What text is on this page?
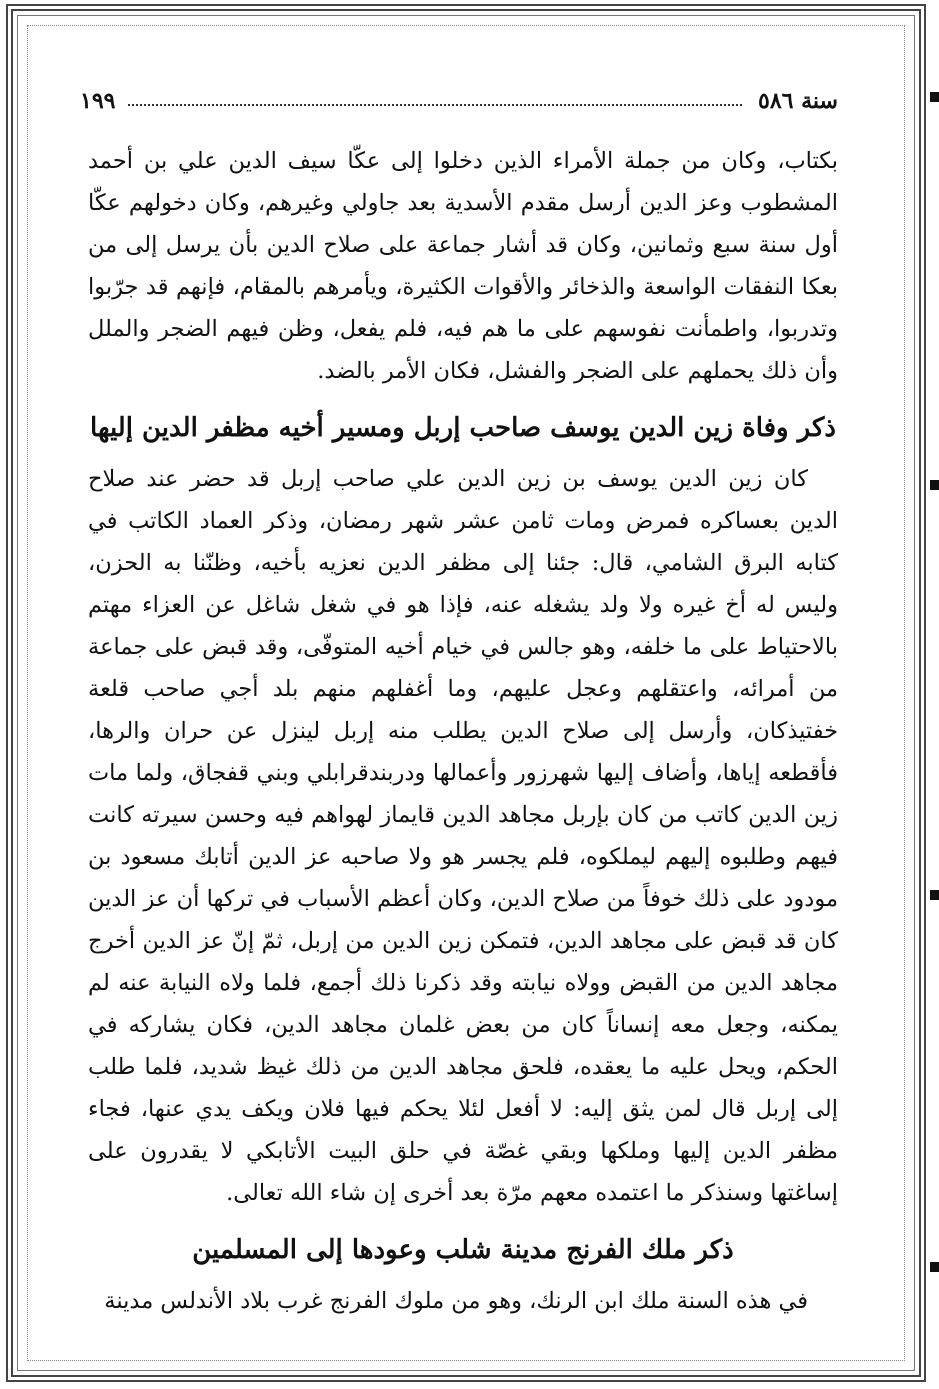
١٩٩	سنة ٥٨٦

بكتاب، وكان من جملة الأمراء الذين دخلوا إلى عكّا سيف الدين علي بن أحمد المشطوب وعز الدين أرسل مقدم الأسدية بعد جاولي وغيرهم، وكان دخولهم عكّا أول سنة سبع وثمانين، وكان قد أشار جماعة على صلاح الدين بأن يرسل إلى من بعكا النفقات الواسعة والذخائر والأقوات الكثيرة، ويأمرهم بالمقام، فإنهم قد جرّبوا وتدربوا، واطمأنت نفوسهم على ما هم فيه، فلم يفعل، وظن فيهم الضجر والملل وأن ذلك يحملهم على الضجر والفشل، فكان الأمر بالضد.

ذكر وفاة زين الدين يوسف صاحب إربل ومسير أخيه مظفر الدين إليها

كان زين الدين يوسف بن زين الدين علي صاحب إربل قد حضر عند صلاح الدين بعساكره فمرض ومات ثامن عشر شهر رمضان، وذكر العماد الكاتب في كتابه البرق الشامي، قال: جئنا إلى مظفر الدين نعزيه بأخيه، وظنّنا به الحزن، وليس له أخ غيره ولا ولد يشغله عنه، فإذا هو في شغل شاغل عن العزاء مهتم بالاحتياط على ما خلفه، وهو جالس في خيام أخيه المتوفّى، وقد قبض على جماعة من أمرائه، واعتقلهم وعجل عليهم، وما أغفلهم منهم بلد أجي صاحب قلعة خفتيذكان، وأرسل إلى صلاح الدين يطلب منه إربل لينزل عن حران والرها، فأقطعه إياها، وأضاف إليها شهرزور وأعمالها ودربندقرابلي وبني قفجاق، ولما مات زين الدين كاتب من كان بإربل مجاهد الدين قايماز لهواهم فيه وحسن سيرته كانت فيهم وطلبوه إليهم ليملكوه، فلم يجسر هو ولا صاحبه عز الدين أتابك مسعود بن مودود على ذلك خوفاً من صلاح الدين، وكان أعظم الأسباب في تركها أن عز الدين كان قد قبض على مجاهد الدين، فتمكن زين الدين من إربل، ثمّ إنّ عز الدين أخرج مجاهد الدين من القبض وولاه نيابته وقد ذكرنا ذلك أجمع، فلما ولاه النيابة عنه لم يمكنه، وجعل معه إنساناً كان من بعض غلمان مجاهد الدين، فكان يشاركه في الحكم، ويحل عليه ما يعقده، فلحق مجاهد الدين من ذلك غيظ شديد، فلما طلب إلى إربل قال لمن يثق إليه: لا أفعل لئلا يحكم فيها فلان ويكف يدي عنها، فجاء مظفر الدين إليها وملكها وبقي غصّة في حلق البيت الأتابكي لا يقدرون على إساغتها وسنذكر ما اعتمده معهم مرّة بعد أخرى إن شاء الله تعالى.

ذكر ملك الفرنج مدينة شلب وعودها إلى المسلمين

في هذه السنة ملك ابن الرنك، وهو من ملوك الفرنج غرب بلاد الأندلس مدينة
